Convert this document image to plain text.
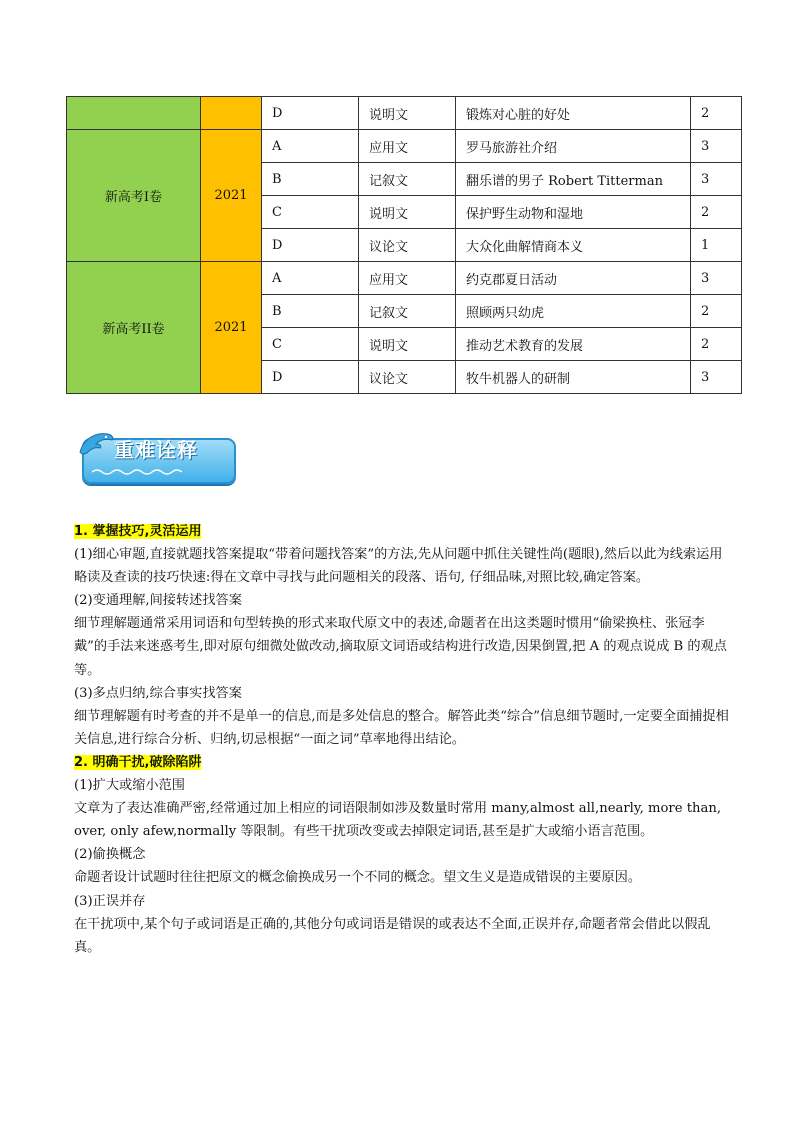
		D	说明文	锻炼对心脏的好处	2
新高考I卷	2021	A	应用文	罗马旅游社介绍	3
		B	记叙文	翻乐谱的男子 Robert Titterman	3
		C	说明文	保护野生动物和湿地	2
		D	议论文	大众化曲解情商本义	1
新高考II卷	2021	A	应用文	约克郡夏日活动	3
		B	记叙文	照顾两只幼虎	2
		C	说明文	推动艺术教育的发展	2
		D	议论文	牧牛机器人的研制	3
重难诠释

1. 掌握技巧,灵活运用

(1)细心审题,直接就题找答案提取“带着问题找答案”的方法,先从问题中抓住关键性尚(题眼),然后以此为线索运用略读及查读的技巧快速:得在文章中寻找与此问题相关的段落、语句, 仔细品味,对照比较,确定答案。

(2)变通理解,间接转述找答案

细节理解题通常采用词语和句型转换的形式来取代原文中的表述,命题者在出这类题时惯用“偷梁换柱、张冠李戴”的手法来迷惑考生,即对原句细微处做改动,摘取原文词语或结构进行改造,因果倒置,把 A 的观点说成 B 的观点等。

(3)多点归纳,综合事实找答案

细节理解题有时考查的并不是单一的信息,而是多处信息的整合。解答此类“综合”信息细节题时,一定要全面捕捉相关信息,进行综合分析、归纳,切忌根据“一面之词”草率地得出结论。

2. 明确干扰,破除陷阱

(1)扩大或缩小范围

文章为了表达准确严密,经常通过加上相应的词语限制如涉及数量时常用 many,almost all,nearly, more than, over, only afew,normally 等限制。有些干扰项改变或去掉限定词语,甚至是扩大或缩小语言范围。

(2)偷换概念

命题者设计试题时往往把原文的概念偷换成另一个不同的概念。望文生义是造成错误的主要原因。

(3)正误并存

在干扰项中,某个句子或词语是正确的,其他分句或词语是错误的或表达不全面,正误并存,命题者常会借此以假乱真。
